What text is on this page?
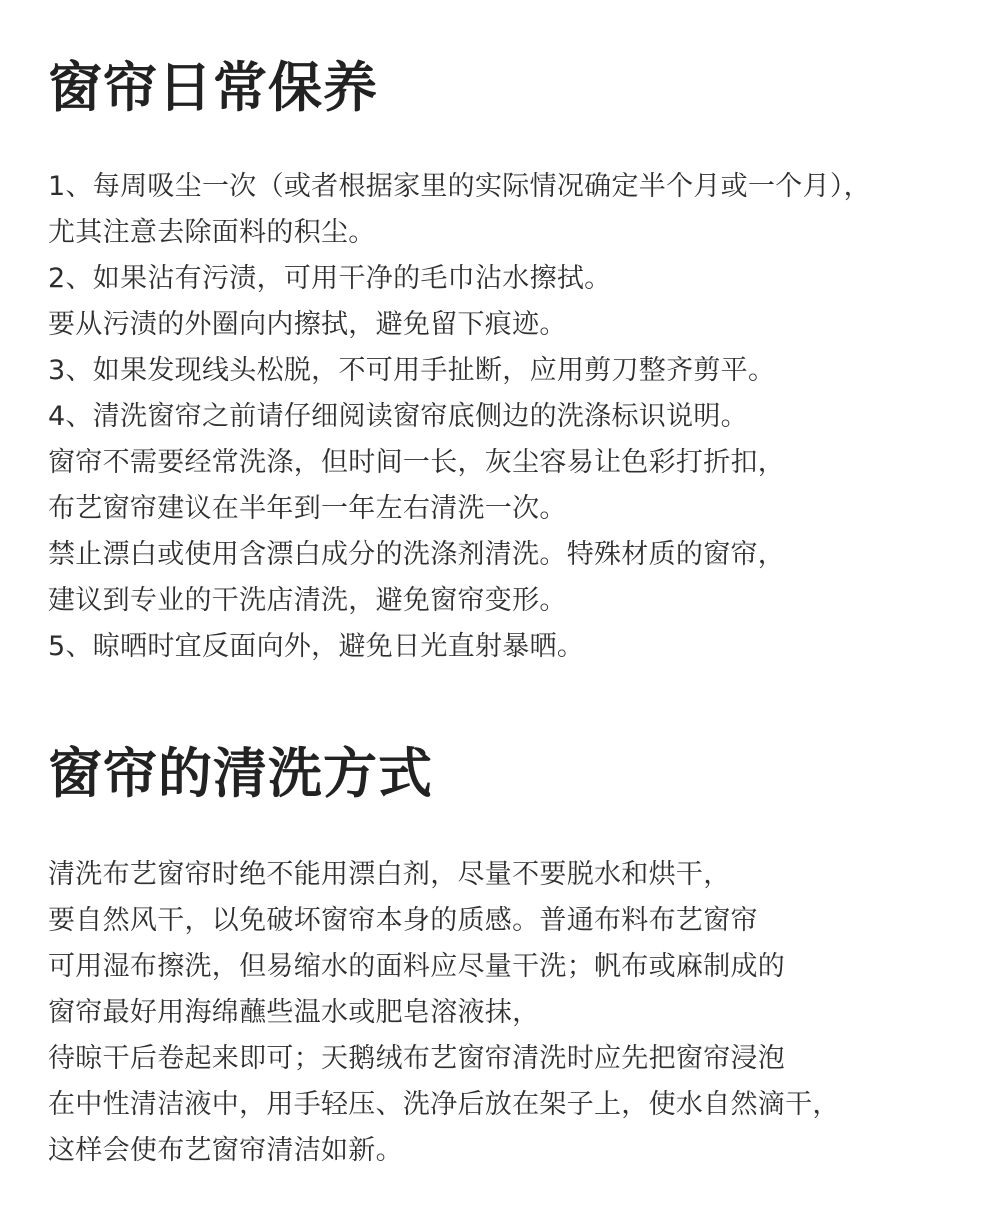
窗帘日常保养
1、每周吸尘一次（或者根据家里的实际情况确定半个月或一个月），
尤其注意去除面料的积尘。
2、如果沾有污渍，可用干净的毛巾沾水擦拭。
要从污渍的外圈向内擦拭，避免留下痕迹。
3、如果发现线头松脱，不可用手扯断，应用剪刀整齐剪平。
4、清洗窗帘之前请仔细阅读窗帘底侧边的洗涤标识说明。
窗帘不需要经常洗涤，但时间一长，灰尘容易让色彩打折扣，
布艺窗帘建议在半年到一年左右清洗一次。
禁止漂白或使用含漂白成分的洗涤剂清洗。特殊材质的窗帘，
建议到专业的干洗店清洗，避免窗帘变形。
5、晾晒时宜反面向外，避免日光直射暴晒。
窗帘的清洗方式
清洗布艺窗帘时绝不能用漂白剂，尽量不要脱水和烘干，
要自然风干，以免破坏窗帘本身的质感。普通布料布艺窗帘
可用湿布擦洗，但易缩水的面料应尽量干洗；帆布或麻制成的
窗帘最好用海绵蘸些温水或肥皂溶液抹，
待晾干后卷起来即可；天鹅绒布艺窗帘清洗时应先把窗帘浸泡
在中性清洁液中，用手轻压、洗净后放在架子上，使水自然滴干，
这样会使布艺窗帘清洁如新。
